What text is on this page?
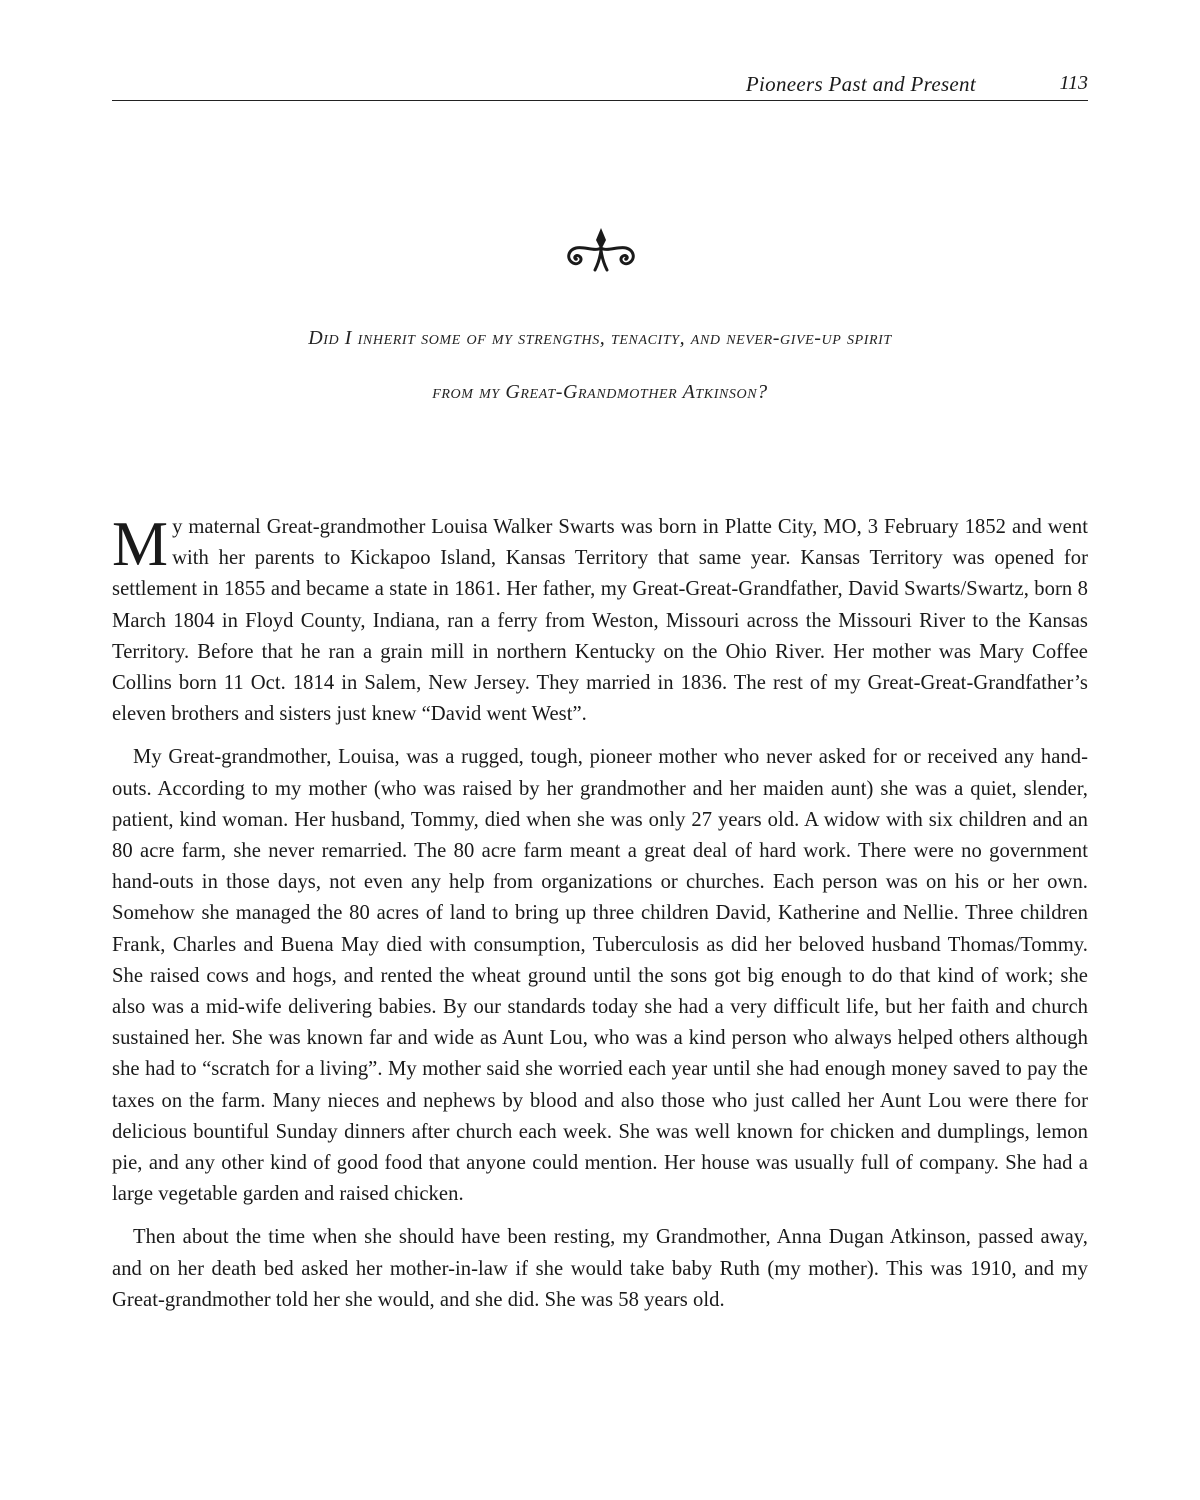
Pioneers Past and Present	113
Did I inherit some of my strengths, tenacity, and never-give-up spirit
from my Great-Grandmother Atkinson?

My maternal Great-grandmother Louisa Walker Swarts was born in Platte City, MO, 3 February 1852 and went with her parents to Kickapoo Island, Kansas Territory that same year. Kansas Territory was opened for settlement in 1855 and became a state in 1861. Her father, my Great-Great-Grandfather, David Swarts/Swartz, born 8 March 1804 in Floyd County, Indiana, ran a ferry from Weston, Missouri across the Missouri River to the Kansas Territory. Before that he ran a grain mill in northern Kentucky on the Ohio River. Her mother was Mary Coffee Collins born 11 Oct. 1814 in Salem, New Jersey. They married in 1836. The rest of my Great-Great-Grandfather’s eleven brothers and sisters just knew “David went West”.

My Great-grandmother, Louisa, was a rugged, tough, pioneer mother who never asked for or received any hand-outs. According to my mother (who was raised by her grandmother and her maiden aunt) she was a quiet, slender, patient, kind woman. Her husband, Tommy, died when she was only 27 years old. A widow with six children and an 80 acre farm, she never remarried. The 80 acre farm meant a great deal of hard work. There were no government hand-outs in those days, not even any help from organizations or churches. Each person was on his or her own. Somehow she managed the 80 acres of land to bring up three children David, Katherine and Nellie. Three children Frank, Charles and Buena May died with consumption, Tuberculosis as did her beloved husband Thomas/Tommy. She raised cows and hogs, and rented the wheat ground until the sons got big enough to do that kind of work; she also was a mid-wife delivering babies. By our standards today she had a very difficult life, but her faith and church sustained her. She was known far and wide as Aunt Lou, who was a kind person who always helped others although she had to “scratch for a living”. My mother said she worried each year until she had enough money saved to pay the taxes on the farm. Many nieces and nephews by blood and also those who just called her Aunt Lou were there for delicious bountiful Sunday dinners after church each week. She was well known for chicken and dumplings, lemon pie, and any other kind of good food that anyone could mention. Her house was usually full of company. She had a large vegetable garden and raised chicken.

Then about the time when she should have been resting, my Grandmother, Anna Dugan Atkinson, passed away, and on her death bed asked her mother-in-law if she would take baby Ruth (my mother). This was 1910, and my Great-grandmother told her she would, and she did. She was 58 years old.
